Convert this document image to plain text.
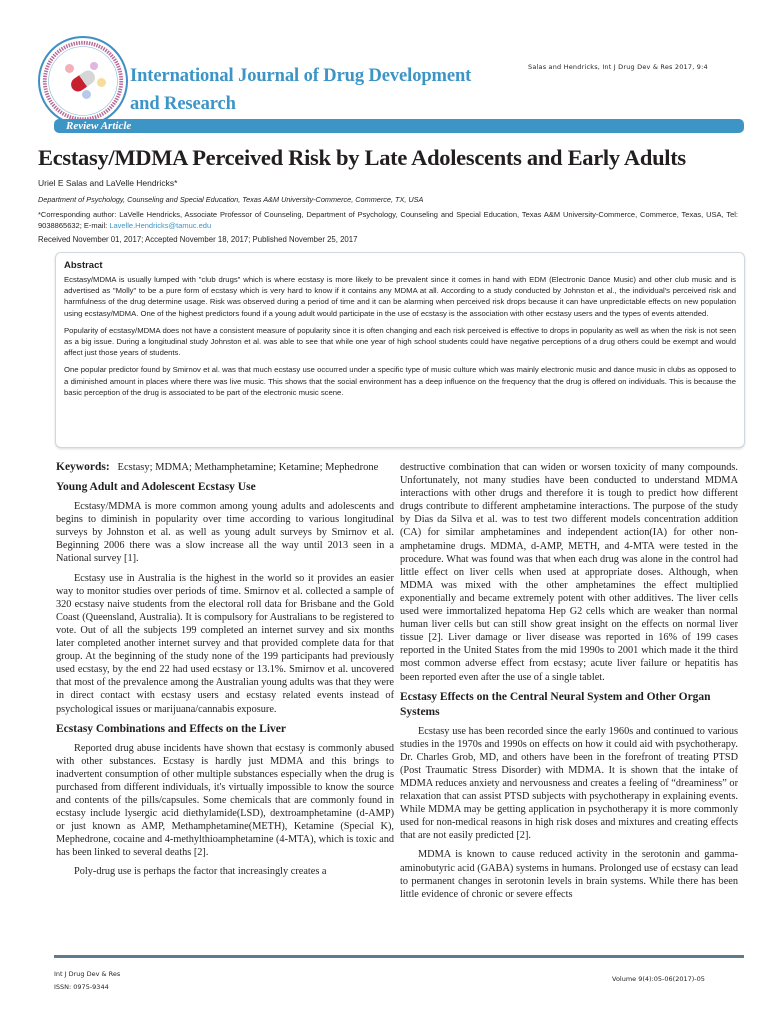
International Journal of Drug Development
and Research
Salas and Hendricks, Int J Drug Dev & Res 2017, 9:4
Review Article
Ecstasy/MDMA Perceived Risk by Late Adolescents and Early Adults
Uriel E Salas and LaVelle Hendricks*
Department of Psychology, Counseling and Special Education, Texas A&M University-Commerce, Commerce, TX, USA
*Corresponding author: LaVelle Hendricks, Associate Professor of Counseling, Department of Psychology, Counseling and Special Education, Texas A&M University-Commerce, Commerce, Texas, USA, Tel: 9038865632; E-mail: Lavelle.Hendricks@tamuc.edu
Received November 01, 2017; Accepted November 18, 2017; Published November 25, 2017
Abstract

Ecstasy/MDMA is usually lumped with "club drugs" which is where ecstasy is more likely to be prevalent since it comes in hand with EDM (Electronic Dance Music) and other club music and is advertised as "Molly" to be a pure form of ecstasy which is very hard to know if it contains any MDMA at all. According to a study conducted by Johnston et al., the individual's perceived risk and harmfulness of the drug determine usage. Risk was observed during a period of time and it can be alarming when perceived risk drops because it can have unpredictable effects on new population using ecstasy/MDMA. One of the highest predictors found if a young adult would participate in the use of ecstasy is the association with other ecstasy users and the types of events attended.

Popularity of ecstasy/MDMA does not have a consistent measure of popularity since it is often changing and each risk perceived is effective to drops in popularity as well as when the risk is not seen as a big issue. During a longitudinal study Johnston et al. was able to see that while one year of high school students could have negative perceptions of a drug others could be exempt and would affect just those years of students.

One popular predictor found by Smirnov et al. was that much ecstasy use occurred under a specific type of music culture which was mainly electronic music and dance music in clubs as opposed to a diminished amount in places where there was live music. This shows that the social environment has a deep influence on the frequency that the drug is offered on individuals. This is because the basic perception of the drug is associated to be part of the electronic music scene.

Keywords: Ecstasy; MDMA; Methamphetamine; Ketamine; Mephedrone

Young Adult and Adolescent Ecstasy Use

Ecstasy/MDMA is more common among young adults and adolescents and begins to diminish in popularity over time according to various longitudinal surveys by Johnston et al. as well as young adult surveys by Smirnov et al. Beginning 2006 there was a slow increase all the way until 2013 seen in a National survey [1].

Ecstasy use in Australia is the highest in the world so it provides an easier way to monitor studies over periods of time. Smirnov et al. collected a sample of 320 ecstasy naive students from the electoral roll data for Brisbane and the Gold Coast (Queensland, Australia). It is compulsory for Australians to be registered to vote. Out of all the subjects 199 completed an internet survey and six months later completed another internet survey and that provided complete data for that group. At the beginning of the study none of the 199 participants had previously used ecstasy, by the end 22 had used ecstasy or 13.1%. Smirnov et al. uncovered that most of the prevalence among the Australian young adults was that they were in direct contact with ecstasy users and ecstasy related events instead of psychological issues or marijuana/cannabis exposure.

Ecstasy Combinations and Effects on the Liver

Reported drug abuse incidents have shown that ecstasy is commonly abused with other substances. Ecstasy is hardly just MDMA and this brings to inadvertent consumption of other multiple substances especially when the drug is purchased from different individuals, it's virtually impossible to know the source and contents of the pills/capsules. Some chemicals that are commonly found in ecstasy include lysergic acid diethylamide(LSD), dextroamphetamine (d-AMP) or just known as AMP, Methamphetamine(METH), Ketamine (Special K), Mephedrone, cocaine and 4-methylthioamphetamine (4-MTA), which is toxic and has been linked to several deaths [2].

Poly-drug use is perhaps the factor that increasingly creates a

destructive combination that can widen or worsen toxicity of many compounds. Unfortunately, not many studies have been conducted to understand MDMA interactions with other drugs and therefore it is tough to predict how different drugs contribute to different amphetamine interactions. The purpose of the study by Dias da Silva et al. was to test two different models concentration addition (CA) for similar amphetamines and independent action(IA) for other non-amphetamine drugs. MDMA, d-AMP, METH, and 4-MTA were tested in the procedure. What was found was that when each drug was alone in the control had little effect on liver cells when used at appropriate doses. Although, when MDMA was mixed with the other amphetamines the effect multiplied exponentially and became extremely potent with other additives. The liver cells used were immortalized hepatoma Hep G2 cells which are weaker than normal human liver cells but can still show great insight on the effects on normal liver tissue [2]. Liver damage or liver disease was reported in 16% of 199 cases reported in the United States from the mid 1990s to 2001 which made it the third most common adverse effect from ecstasy; acute liver failure or hepatitis has been reported even after the use of a single tablet.

Ecstasy Effects on the Central Neural System and Other Organ Systems

Ecstasy use has been recorded since the early 1960s and continued to various studies in the 1970s and 1990s on effects on how it could aid with psychotherapy. Dr. Charles Grob, MD, and others have been in the forefront of treating PTSD (Post Traumatic Stress Disorder) with MDMA. It is shown that the intake of MDMA reduces anxiety and nervousness and creates a feeling of “dreaminess” or relaxation that can assist PTSD subjects with psychotherapy in explaining events. While MDMA may be getting application in psychotherapy it is more commonly used for non-medical reasons in high risk doses and mixtures and creating effects that are not easily predicted [2].

MDMA is known to cause reduced activity in the serotonin and gamma-aminobutyric acid (GABA) systems in humans. Prolonged use of ecstasy can lead to permanent changes in serotonin levels in brain systems. While there has been little evidence of chronic or severe effects

Int J Drug Dev & Res
ISSN: 0975-9344
Volume 9(4):05-06(2017)-05
